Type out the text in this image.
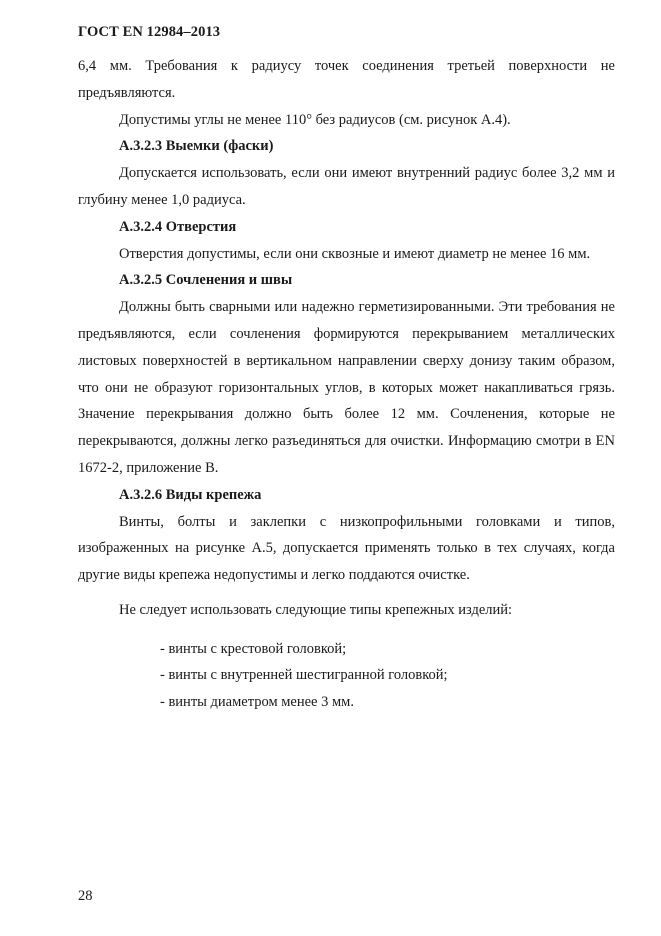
ГОСТ EN 12984–2013

6,4 мм. Требования к радиусу точек соединения третьей поверхности не предъявляются.

Допустимы углы не менее 110° без радиусов (см. рисунок А.4).

А.3.2.3 Выемки (фаски)

Допускается использовать, если они имеют внутренний радиус более 3,2 мм и глубину менее 1,0 радиуса.

А.3.2.4 Отверстия

Отверстия допустимы, если они сквозные и имеют диаметр не менее 16 мм.

А.3.2.5 Сочленения и швы

Должны быть сварными или надежно герметизированными. Эти требования не предъявляются, если сочленения формируются перекрыванием металлических листовых поверхностей в вертикальном направлении сверху донизу таким образом, что они не образуют горизонтальных углов, в которых может накапливаться грязь. Значение перекрывания должно быть более 12 мм. Сочленения, которые не перекрываются, должны легко разъединяться для очистки. Информацию смотри в EN 1672-2, приложение В.

А.3.2.6 Виды крепежа

Винты, болты и заклепки с низкопрофильными головками и типов, изображенных на рисунке А.5, допускается применять только в тех случаях, когда другие виды крепежа недопустимы и легко поддаются очистке.

Не следует использовать следующие типы крепежных изделий:

- винты с крестовой головкой;
- винты с внутренней шестигранной головкой;
- винты диаметром менее 3 мм.
28
